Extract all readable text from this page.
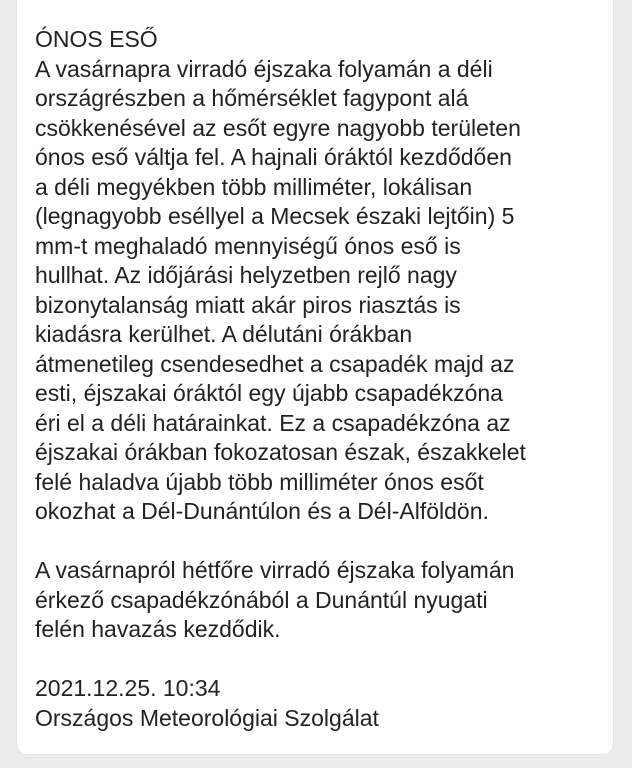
ÓNOS ESŐ
A vasárnapra virradó éjszaka folyamán a déli
országrészben a hőmérséklet fagypont alá
csökkenésével az esőt egyre nagyobb területen
ónos eső váltja fel. A hajnali óráktól kezdődően
a déli megyékben több milliméter, lokálisan
(legnagyobb eséllyel a Mecsek északi lejtőin) 5
mm-t meghaladó mennyiségű ónos eső is
hullhat. Az időjárási helyzetben rejlő nagy
bizonytalanság miatt akár piros riasztás is
kiadásra kerülhet. A délutáni órákban
átmenetileg csendesedhet a csapadék majd az
esti, éjszakai óráktól egy újabb csapadékzóna
éri el a déli határainkat. Ez a csapadékzóna az
éjszakai órákban fokozatosan észak, északkelet
felé haladva újabb több milliméter ónos esőt
okozhat a Dél-Dunántúlon és a Dél-Alföldön.
A vasárnapról hétfőre virradó éjszaka folyamán
érkező csapadékzónából a Dunántúl nyugati
felén havazás kezdődik.
2021.12.25. 10:34
Országos Meteorológiai Szolgálat
